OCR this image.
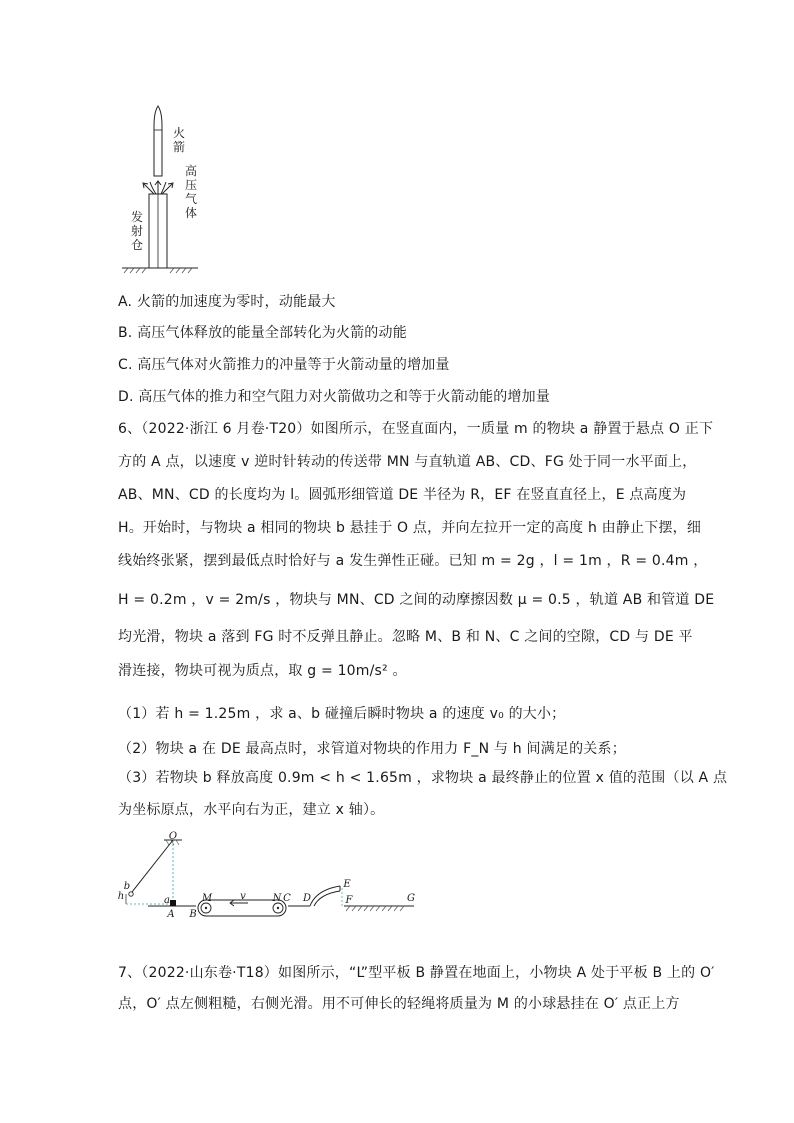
火箭
高压气体
发射仓
A. 火箭的加速度为零时，动能最大
B. 高压气体释放的能量全部转化为火箭的动能
C. 高压气体对火箭推力的冲量等于火箭动量的增加量
D. 高压气体的推力和空气阻力对火箭做功之和等于火箭动能的增加量
6、（2022·浙江 6 月卷·T20）如图所示，在竖直面内，一质量 m 的物块 a 静置于悬点 O 正下
方的 A 点，以速度 v 逆时针转动的传送带 MN 与直轨道 AB、CD、FG 处于同一水平面上，
AB、MN、CD 的长度均为 l。圆弧形细管道 DE 半径为 R，EF 在竖直直径上，E 点高度为
H。开始时，与物块 a 相同的物块 b 悬挂于 O 点，并向左拉开一定的高度 h 由静止下摆，细
线始终张紧，摆到最低点时恰好与 a 发生弹性正碰。已知 m = 2g ，l = 1m ，R = 0.4m ，
H = 0.2m ，v = 2m/s ，物块与 MN、CD 之间的动摩擦因数 μ = 0.5 ，轨道 AB 和管道 DE
均光滑，物块 a 落到 FG 时不反弹且静止。忽略 M、B 和 N、C 之间的空隙，CD 与 DE 平
滑连接，物块可视为质点，取 g = 10m/s² 。
（1）若 h = 1.25m ，求 a、b 碰撞后瞬时物块 a 的速度 v₀ 的大小；
（2）物块 a 在 DE 最高点时，求管道对物块的作用力 F_N 与 h 间满足的关系；
（3）若物块 b 释放高度 0.9m < h < 1.65m ，求物块 a 最终静止的位置 x 值的范围（以 A 点
为坐标原点，水平向右为正，建立 x 轴）。
O
h
b
a
A	B
M	v	N C	D
E
F	G
7、（2022·山东卷·T18）如图所示，“L”型平板 B 静置在地面上，小物块 A 处于平板 B 上的 O′
点，O′ 点左侧粗糙，右侧光滑。用不可伸长的轻绳将质量为 M 的小球悬挂在 O′ 点正上方
